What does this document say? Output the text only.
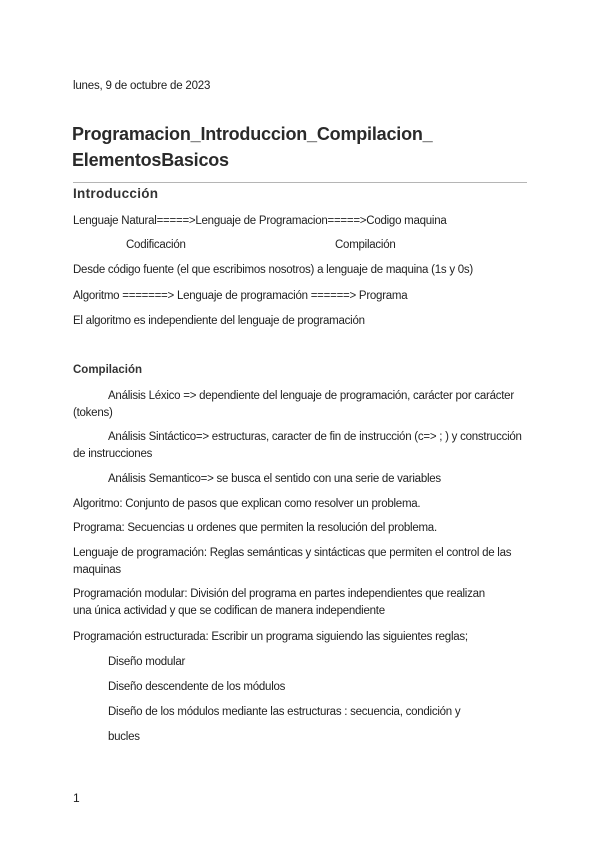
lunes, 9 de octubre de 2023

Programacion_Introduccion_Compilacion_
ElementosBasicos
Introducción

Lenguaje Natural=====>Lenguaje de Programacion=====>Codigo maquina

Codificación	Compilación

Desde código fuente (el que escribimos nosotros) a lenguaje de maquina (1s y 0s)

Algoritmo =======> Lenguaje de programación ======> Programa

El algoritmo es independiente del lenguaje de programación

Compilación

Análisis Léxico => dependiente del lenguaje de programación, carácter por carácter (tokens)

Análisis Sintáctico=> estructuras, caracter de fin de instrucción (c=> ; ) y construcción de instrucciones

Análisis Semantico=> se busca el sentido con una serie de variables

Algoritmo: Conjunto de pasos que explican como resolver un problema.

Programa: Secuencias u ordenes que permiten la resolución del problema.

Lenguaje de programación: Reglas semánticas y sintácticas que permiten el control de las maquinas

Programación modular: División del programa en partes independientes que realizan una única actividad y que se codifican de manera independiente

Programación estructurada: Escribir un programa siguiendo las siguientes reglas;

Diseño modular

Diseño descendente de los módulos

Diseño de los módulos mediante las estructuras : secuencia, condición y

bucles

1
